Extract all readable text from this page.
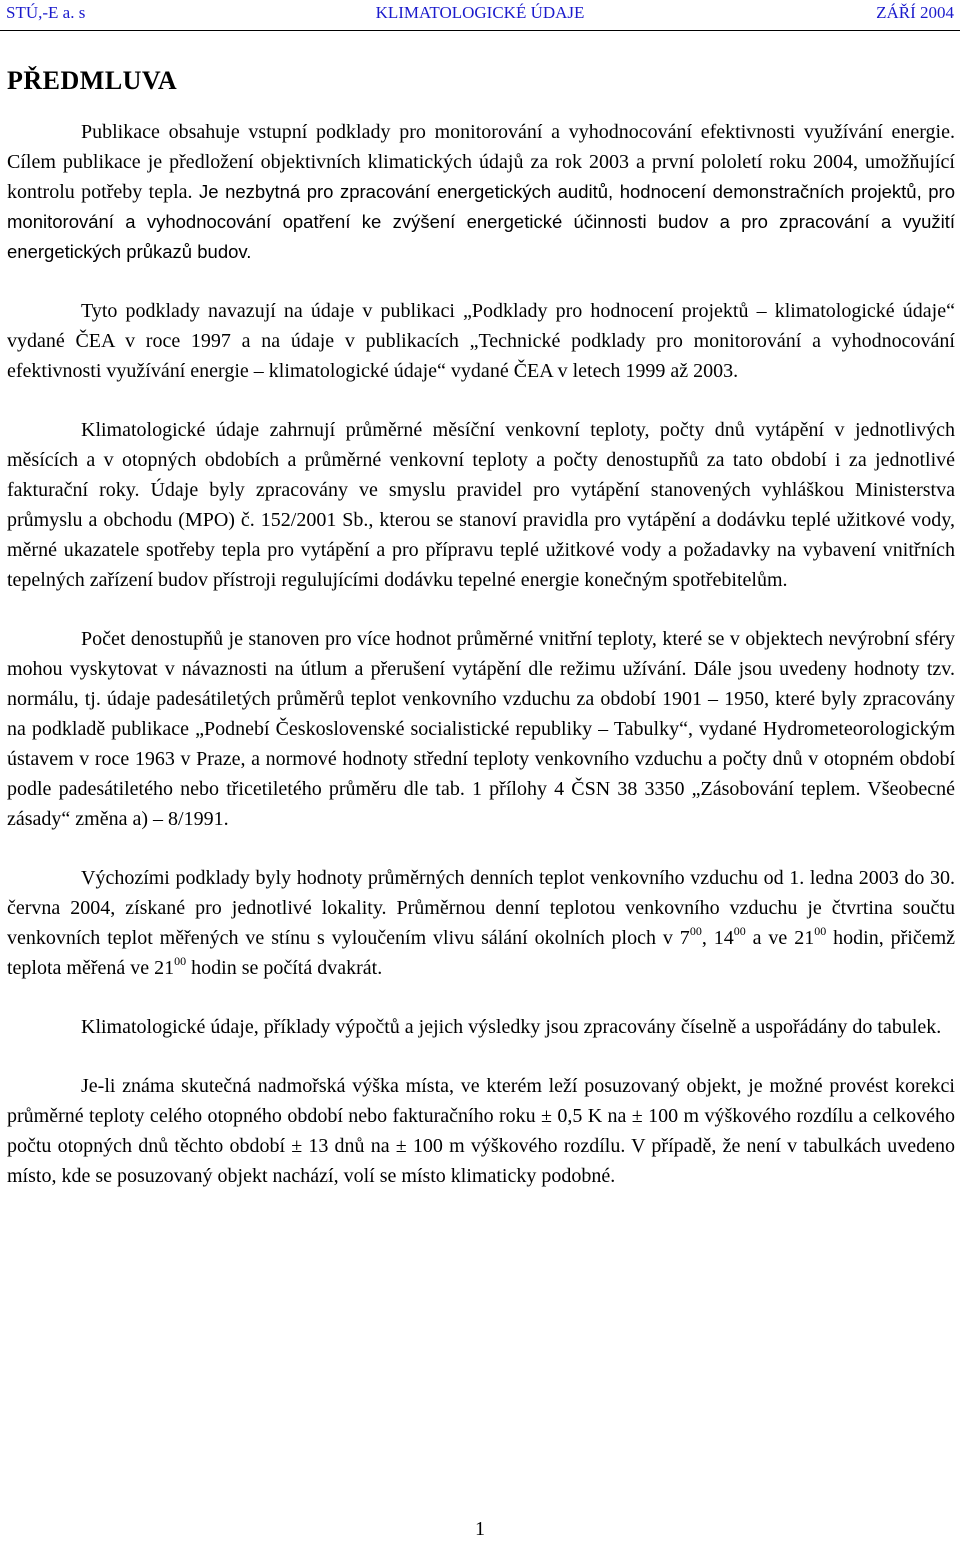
STÚ,-E a. s	KLIMATOLOGICKÉ ÚDAJE	ZÁŘÍ 2004
PŘEDMLUVA

Publikace obsahuje vstupní podklady pro monitorování a vyhodnocování efektivnosti využívání energie. Cílem publikace je předložení objektivních klimatických údajů za rok 2003 a první pololetí roku 2004, umožňující kontrolu potřeby tepla. Je nezbytná pro zpracování energetických auditů, hodnocení demonstračních projektů, pro monitorování a vyhodnocování opatření ke zvýšení energetické účinnosti budov a pro zpracování a využití energetických průkazů budov.

Tyto podklady navazují na údaje v publikaci „Podklady pro hodnocení projektů – klimatologické údaje“ vydané ČEA v roce 1997 a na údaje v publikacích „Technické podklady pro monitorování a vyhodnocování efektivnosti využívání energie – klimatologické údaje“ vydané ČEA v letech 1999 až 2003.

Klimatologické údaje zahrnují průměrné měsíční venkovní teploty, počty dnů vytápění v jednotlivých měsících a v otopných obdobích a průměrné venkovní teploty a počty denostupňů za tato období i za jednotlivé fakturační roky. Údaje byly zpracovány ve smyslu pravidel pro vytápění stanovených vyhláškou Ministerstva průmyslu a obchodu (MPO) č. 152/2001 Sb., kterou se stanoví pravidla pro vytápění a dodávku teplé užitkové vody, měrné ukazatele spotřeby tepla pro vytápění a pro přípravu teplé užitkové vody a požadavky na vybavení vnitřních tepelných zařízení budov přístroji regulujícími dodávku tepelné energie konečným spotřebitelům.

Počet denostupňů je stanoven pro více hodnot průměrné vnitřní teploty, které se v objektech nevýrobní sféry mohou vyskytovat v návaznosti na útlum a přerušení vytápění dle režimu užívání. Dále jsou uvedeny hodnoty tzv. normálu, tj. údaje padesátiletých průměrů teplot venkovního vzduchu za období 1901 – 1950, které byly zpracovány na podkladě publikace „Podnebí Československé socialistické republiky – Tabulky“, vydané Hydrometeorologickým ústavem v roce 1963 v Praze, a normové hodnoty střední teploty venkovního vzduchu a počty dnů v otopném období podle padesátiletého nebo třicetiletého průměru dle tab. 1 přílohy 4 ČSN 38 3350 „Zásobování teplem. Všeobecné zásady“ změna a) – 8/1991.

Výchozími podklady byly hodnoty průměrných denních teplot venkovního vzduchu od 1. ledna 2003 do 30. června 2004, získané pro jednotlivé lokality. Průměrnou denní teplotou venkovního vzduchu je čtvrtina součtu venkovních teplot měřených ve stínu s vyloučením vlivu sálání okolních ploch v $7^{00}$, $14^{00}$ a ve $21^{00}$ hodin, přičemž teplota měřená ve $21^{00}$ hodin se počítá dvakrát.

Klimatologické údaje, příklady výpočtů a jejich výsledky jsou zpracovány číselně a uspořádány do tabulek.

Je-li známa skutečná nadmořská výška místa, ve kterém leží posuzovaný objekt, je možné provést korekci průměrné teploty celého otopného období nebo fakturačního roku ± 0,5 K na ± 100 m výškového rozdílu a celkového počtu otopných dnů těchto období ± 13 dnů na ± 100 m výškového rozdílu. V případě, že není v tabulkách uvedeno místo, kde se posuzovaný objekt nachází, volí se místo klimaticky podobné.

1
